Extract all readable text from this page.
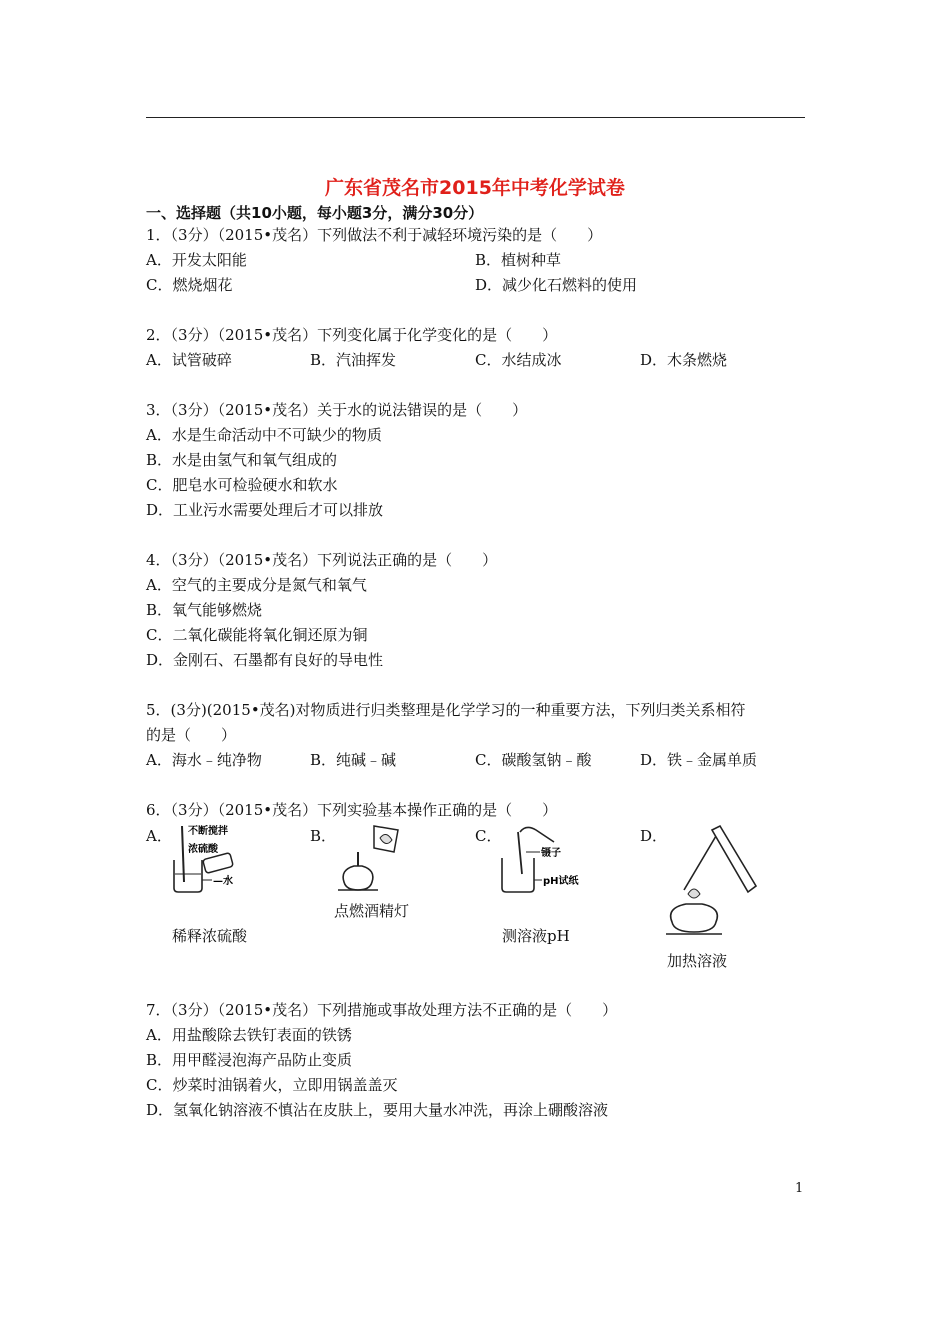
广东省茂名市2015年中考化学试卷
一、选择题（共10小题，每小题3分，满分30分）
1．（3分）（2015•茂名）下列做法不利于减轻环境污染的是（　　）
A．开发太阳能	B．植树种草
C．燃烧烟花	D．减少化石燃料的使用
2．（3分）（2015•茂名）下列变化属于化学变化的是（　　）
A．试管破碎	B．汽油挥发	C．水结成冰	D．木条燃烧
3．（3分）（2015•茂名）关于水的说法错误的是（　　）
A．水是生命活动中不可缺少的物质
B．水是由氢气和氧气组成的
C．肥皂水可检验硬水和软水
D．工业污水需要处理后才可以排放
4．（3分）（2015•茂名）下列说法正确的是（　　）
A．空气的主要成分是氮气和氧气
B．氧气能够燃烧
C．二氧化碳能将氧化铜还原为铜
D．金刚石、石墨都有良好的导电性
5．(3分)(2015•茂名)对物质进行归类整理是化学学习的一种重要方法，下列归类关系相符
的是（　　）
A．海水﹣纯净物	B．纯碱﹣碱	C．碳酸氢钠﹣酸	D．铁﹣金属单质
6．（3分）（2015•茂名）下列实验基本操作正确的是（　　）
A．	B．	C．	D．
不断搅拌
浓硫酸
—水
镊子
pH试纸
点燃酒精灯
稀释浓硫酸	测溶液pH
加热溶液
7．（3分）（2015•茂名）下列措施或事故处理方法不正确的是（　　）
A．用盐酸除去铁钉表面的铁锈
B．用甲醛浸泡海产品防止变质
C．炒菜时油锅着火，立即用锅盖盖灭
D．氢氧化钠溶液不慎沾在皮肤上，要用大量水冲洗，再涂上硼酸溶液
1
